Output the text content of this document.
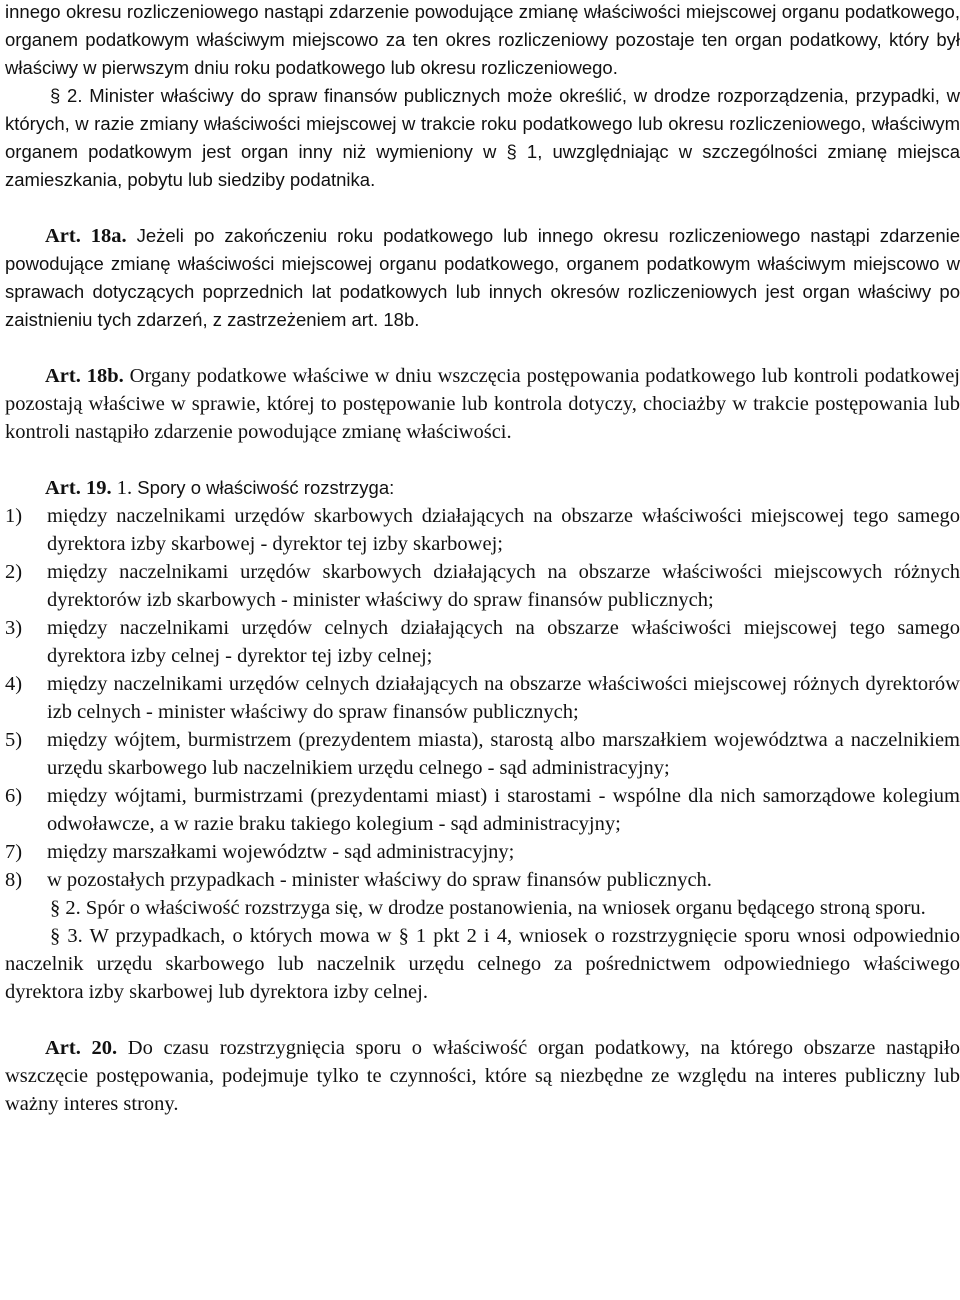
innego okresu rozliczeniowego nastąpi zdarzenie powodujące zmianę właściwości miejscowej organu podatkowego, organem podatkowym właściwym miejscowo za ten okres rozliczeniowy pozostaje ten organ podatkowy, który był właściwy w pierwszym dniu roku podatkowego lub okresu rozliczeniowego.

§ 2. Minister właściwy do spraw finansów publicznych może określić, w drodze rozporządzenia, przypadki, w których, w razie zmiany właściwości miejscowej w trakcie roku podatkowego lub okresu rozliczeniowego, właściwym organem podatkowym jest organ inny niż wymieniony w § 1, uwzględniając w szczególności zmianę miejsca zamieszkania, pobytu lub siedziby podatnika.

Art. 18a. Jeżeli po zakończeniu roku podatkowego lub innego okresu rozliczeniowego nastąpi zdarzenie powodujące zmianę właściwości miejscowej organu podatkowego, organem podatkowym właściwym miejscowo w sprawach dotyczących poprzednich lat podatkowych lub innych okresów rozliczeniowych jest organ właściwy po zaistnieniu tych zdarzeń, z zastrzeżeniem art. 18b.

Art. 18b. Organy podatkowe właściwe w dniu wszczęcia postępowania podatkowego lub kontroli podatkowej pozostają właściwe w sprawie, której to postępowanie lub kontrola dotyczy, chociażby w trakcie postępowania lub kontroli nastąpiło zdarzenie powodujące zmianę właściwości.

Art. 19. 1. Spory o właściwość rozstrzyga:

1) między naczelnikami urzędów skarbowych działających na obszarze właściwości miejscowej tego samego dyrektora izby skarbowej - dyrektor tej izby skarbowej;
2) między naczelnikami urzędów skarbowych działających na obszarze właściwości miejscowych różnych dyrektorów izb skarbowych - minister właściwy do spraw finansów publicznych;
3) między naczelnikami urzędów celnych działających na obszarze właściwości miejscowej tego samego dyrektora izby celnej - dyrektor tej izby celnej;
4) między naczelnikami urzędów celnych działających na obszarze właściwości miejscowej różnych dyrektorów izb celnych - minister właściwy do spraw finansów publicznych;
5) między wójtem, burmistrzem (prezydentem miasta), starostą albo marszałkiem województwa a naczelnikiem urzędu skarbowego lub naczelnikiem urzędu celnego - sąd administracyjny;
6) między wójtami, burmistrzami (prezydentami miast) i starostami - wspólne dla nich samorządowe kolegium odwoławcze, a w razie braku takiego kolegium - sąd administracyjny;
7) między marszałkami województw - sąd administracyjny;
8) w pozostałych przypadkach - minister właściwy do spraw finansów publicznych.

§ 2. Spór o właściwość rozstrzyga się, w drodze postanowienia, na wniosek organu będącego stroną sporu.

§ 3. W przypadkach, o których mowa w § 1 pkt 2 i 4, wniosek o rozstrzygnięcie sporu wnosi odpowiednio naczelnik urzędu skarbowego lub naczelnik urzędu celnego za pośrednictwem odpowiedniego właściwego dyrektora izby skarbowej lub dyrektora izby celnej.

Art. 20. Do czasu rozstrzygnięcia sporu o właściwość organ podatkowy, na którego obszarze nastąpiło wszczęcie postępowania, podejmuje tylko te czynności, które są niezbędne ze względu na interes publiczny lub ważny interes strony.
